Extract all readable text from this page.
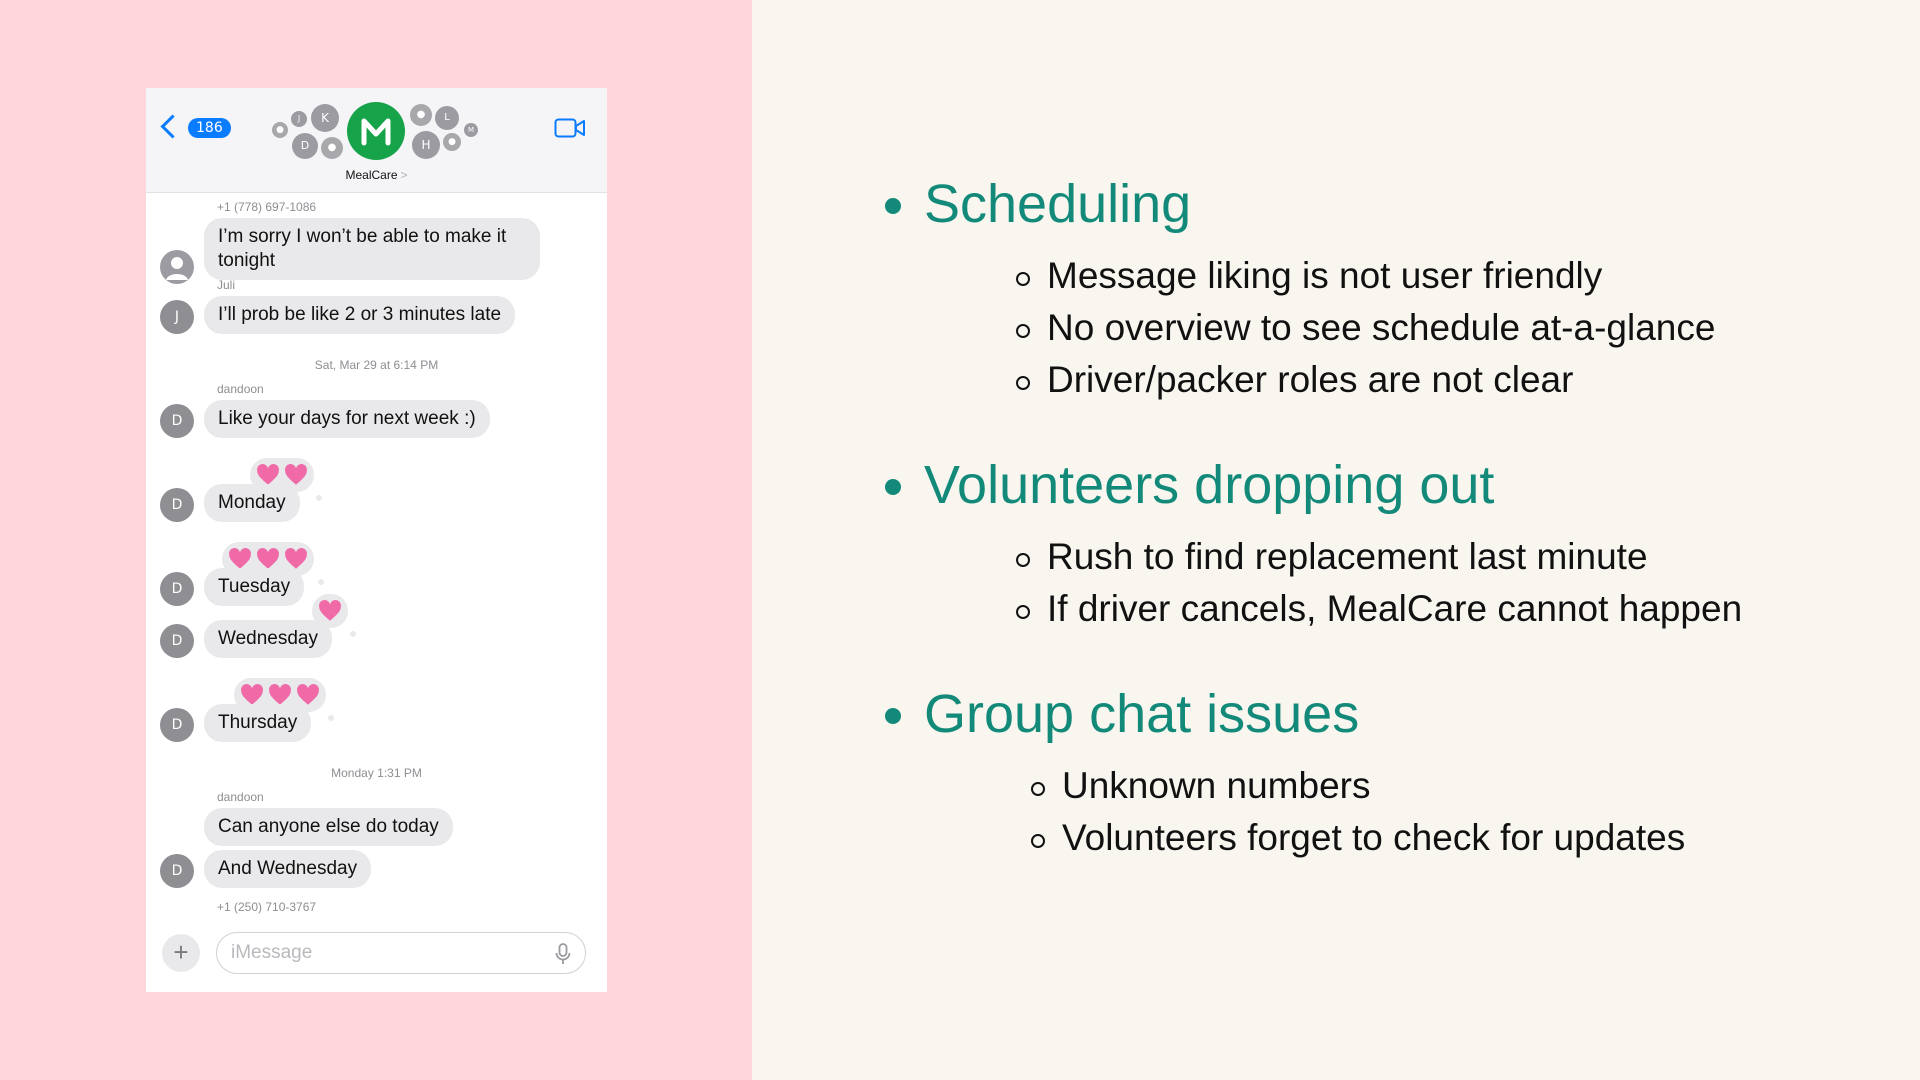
186	●
J	K
D	●
●	L
H	●
M
MealCare >
+1 (778) 697-1086
I’m sorry I won’t be able to make it tonight
Juli
I’ll prob be like 2 or 3 minutes late
J
Sat, Mar 29 at 6:14 PM
dandoon
Like your days for next week :)
D
Monday
D
Tuesday
D
Wednesday
D
Thursday
D
Monday 1:31 PM
dandoon
Can anyone else do today
And Wednesday
D
+1 (250) 710-3767
+
iMessage
Scheduling
Message liking is not user friendly
No overview to see schedule at-a-glance
Driver/packer roles are not clear
Volunteers dropping out
Rush to find replacement last minute
If driver cancels, MealCare cannot happen
Group chat issues
Unknown numbers
Volunteers forget to check for updates
